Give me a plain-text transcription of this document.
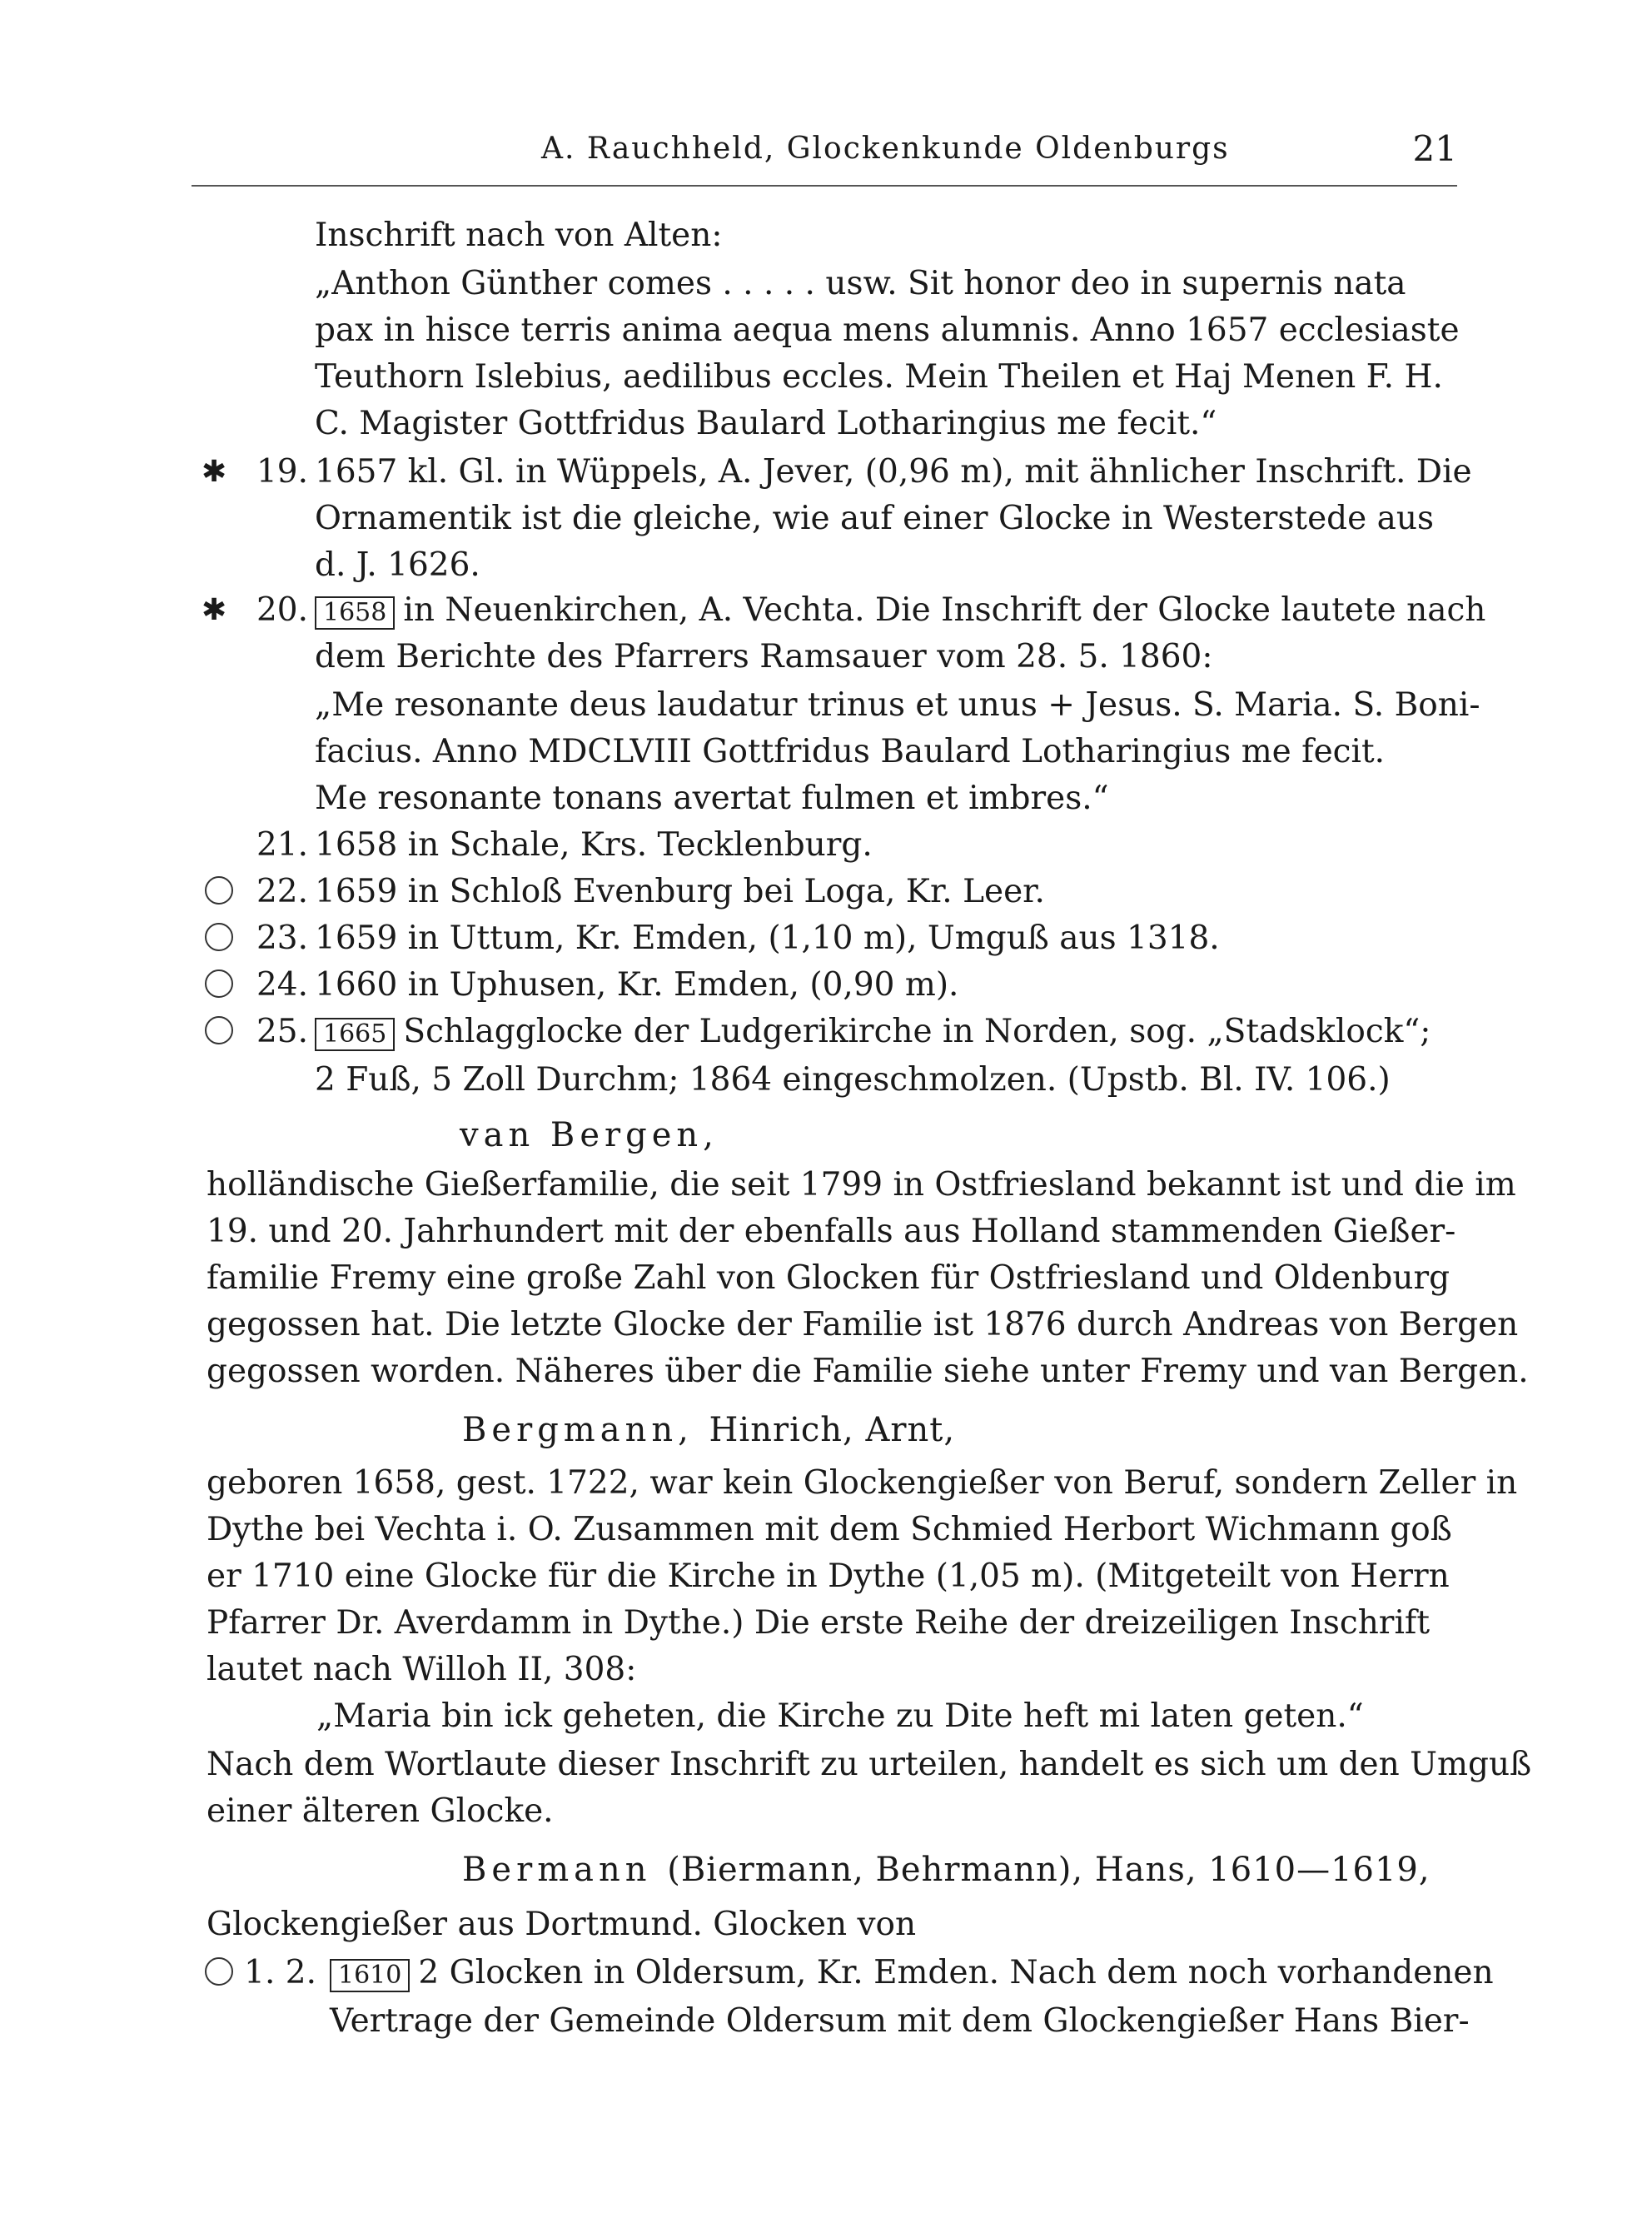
A. Rauchheld, Glockenkunde Oldenburgs	21
Inschrift nach von Alten:
„Anthon Günther comes . . . . . usw. Sit honor deo in supernis nata
pax in hisce terris anima aequa mens alumnis. Anno 1657 ecclesiaste
Teuthorn Islebius, aedilibus eccles. Mein Theilen et Haj Menen F. H.
C. Magister Gottfridus Baulard Lotharingius me fecit.“
✱ 19. 1657 kl. Gl. in Wüppels, A. Jever, (0,96 m), mit ähnlicher Inschrift. Die
Ornamentik ist die gleiche, wie auf einer Glocke in Westerstede aus
d. J. 1626.
✱ 20. 1658 in Neuenkirchen, A. Vechta. Die Inschrift der Glocke lautete nach
dem Berichte des Pfarrers Ramsauer vom 28. 5. 1860:
„Me resonante deus laudatur trinus et unus + Jesus. S. Maria. S. Boni-
facius. Anno MDCLVIII Gottfridus Baulard Lotharingius me fecit.
Me resonante tonans avertat fulmen et imbres.“
21. 1658 in Schale, Krs. Tecklenburg.
22. 1659 in Schloß Evenburg bei Loga, Kr. Leer.
23. 1659 in Uttum, Kr. Emden, (1,10 m), Umguß aus 1318.
24. 1660 in Uphusen, Kr. Emden, (0,90 m).
25. 1665 Schlagglocke der Ludgerikirche in Norden, sog. „Stadsklock“;
2 Fuß, 5 Zoll Durchm; 1864 eingeschmolzen. (Upstb. Bl. IV. 106.)
van Bergen,
holländische Gießerfamilie, die seit 1799 in Ostfriesland bekannt ist und die im
19. und 20. Jahrhundert mit der ebenfalls aus Holland stammenden Gießer-
familie Fremy eine große Zahl von Glocken für Ostfriesland und Oldenburg
gegossen hat. Die letzte Glocke der Familie ist 1876 durch Andreas von Bergen
gegossen worden. Näheres über die Familie siehe unter Fremy und van Bergen.
Bergmann, Hinrich, Arnt,
geboren 1658, gest. 1722, war kein Glockengießer von Beruf, sondern Zeller in
Dythe bei Vechta i. O. Zusammen mit dem Schmied Herbort Wichmann goß
er 1710 eine Glocke für die Kirche in Dythe (1,05 m). (Mitgeteilt von Herrn
Pfarrer Dr. Averdamm in Dythe.) Die erste Reihe der dreizeiligen Inschrift
lautet nach Willoh II, 308:
„Maria bin ick geheten, die Kirche zu Dite heft mi laten geten.“
Nach dem Wortlaute dieser Inschrift zu urteilen, handelt es sich um den Umguß
einer älteren Glocke.
Bermann (Biermann, Behrmann), Hans, 1610—1619,
Glockengießer aus Dortmund. Glocken von
1. 2. 1610 2 Glocken in Oldersum, Kr. Emden. Nach dem noch vorhandenen
Vertrage der Gemeinde Oldersum mit dem Glockengießer Hans Bier-
